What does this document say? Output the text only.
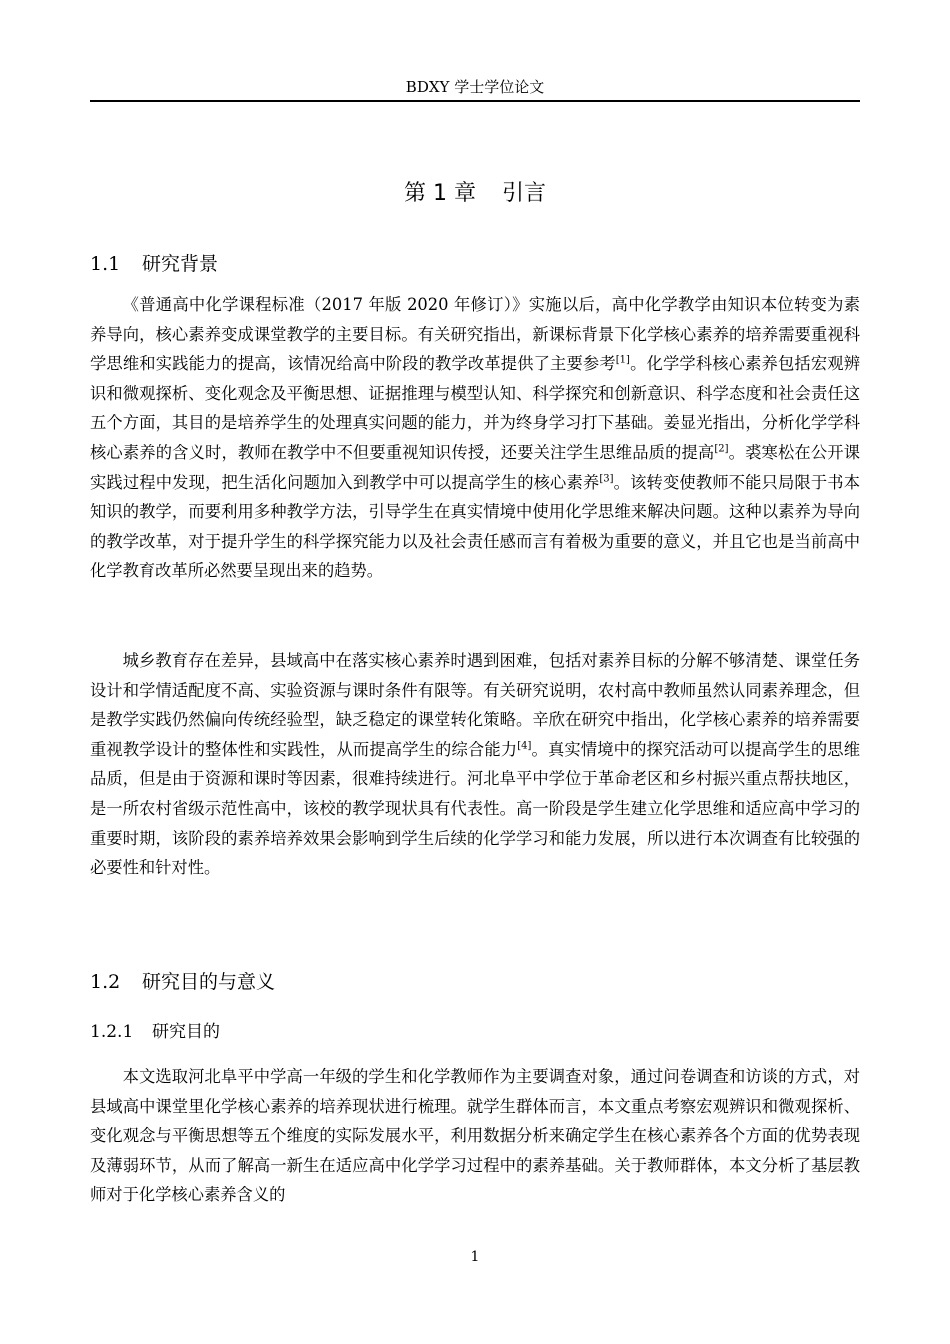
BDXY 学士学位论文
第 1 章 引言
1.1 研究背景

《普通高中化学课程标准（2017 年版 2020 年修订）》实施以后，高中化学教学由知识本位转变为素养导向，核心素养变成课堂教学的主要目标。有关研究指出，新课标背景下化学核心素养的培养需要重视科学思维和实践能力的提高，该情况给高中阶段的教学改革提供了主要参考[1]。化学学科核心素养包括宏观辨识和微观探析、变化观念及平衡思想、证据推理与模型认知、科学探究和创新意识、科学态度和社会责任这五个方面，其目的是培养学生的处理真实问题的能力，并为终身学习打下基础。姜显光指出，分析化学学科核心素养的含义时，教师在教学中不但要重视知识传授，还要关注学生思维品质的提高[2]。裘寒松在公开课实践过程中发现，把生活化问题加入到教学中可以提高学生的核心素养[3]。该转变使教师不能只局限于书本知识的教学，而要利用多种教学方法，引导学生在真实情境中使用化学思维来解决问题。这种以素养为导向的教学改革，对于提升学生的科学探究能力以及社会责任感而言有着极为重要的意义，并且它也是当前高中化学教育改革所必然要呈现出来的趋势。

城乡教育存在差异，县域高中在落实核心素养时遇到困难，包括对素养目标的分解不够清楚、课堂任务设计和学情适配度不高、实验资源与课时条件有限等。有关研究说明，农村高中教师虽然认同素养理念，但是教学实践仍然偏向传统经验型，缺乏稳定的课堂转化策略。辛欣在研究中指出，化学核心素养的培养需要重视教学设计的整体性和实践性，从而提高学生的综合能力[4]。真实情境中的探究活动可以提高学生的思维品质，但是由于资源和课时等因素，很难持续进行。河北阜平中学位于革命老区和乡村振兴重点帮扶地区，是一所农村省级示范性高中，该校的教学现状具有代表性。高一阶段是学生建立化学思维和适应高中学习的重要时期，该阶段的素养培养效果会影响到学生后续的化学学习和能力发展，所以进行本次调查有比较强的必要性和针对性。

1.2 研究目的与意义
1.2.1 研究目的

本文选取河北阜平中学高一年级的学生和化学教师作为主要调查对象，通过问卷调查和访谈的方式，对县域高中课堂里化学核心素养的培养现状进行梳理。就学生群体而言，本文重点考察宏观辨识和微观探析、变化观念与平衡思想等五个维度的实际发展水平，利用数据分析来确定学生在核心素养各个方面的优势表现及薄弱环节，从而了解高一新生在适应高中化学学习过程中的素养基础。关于教师群体，本文分析了基层教师对于化学核心素养含义的

1
